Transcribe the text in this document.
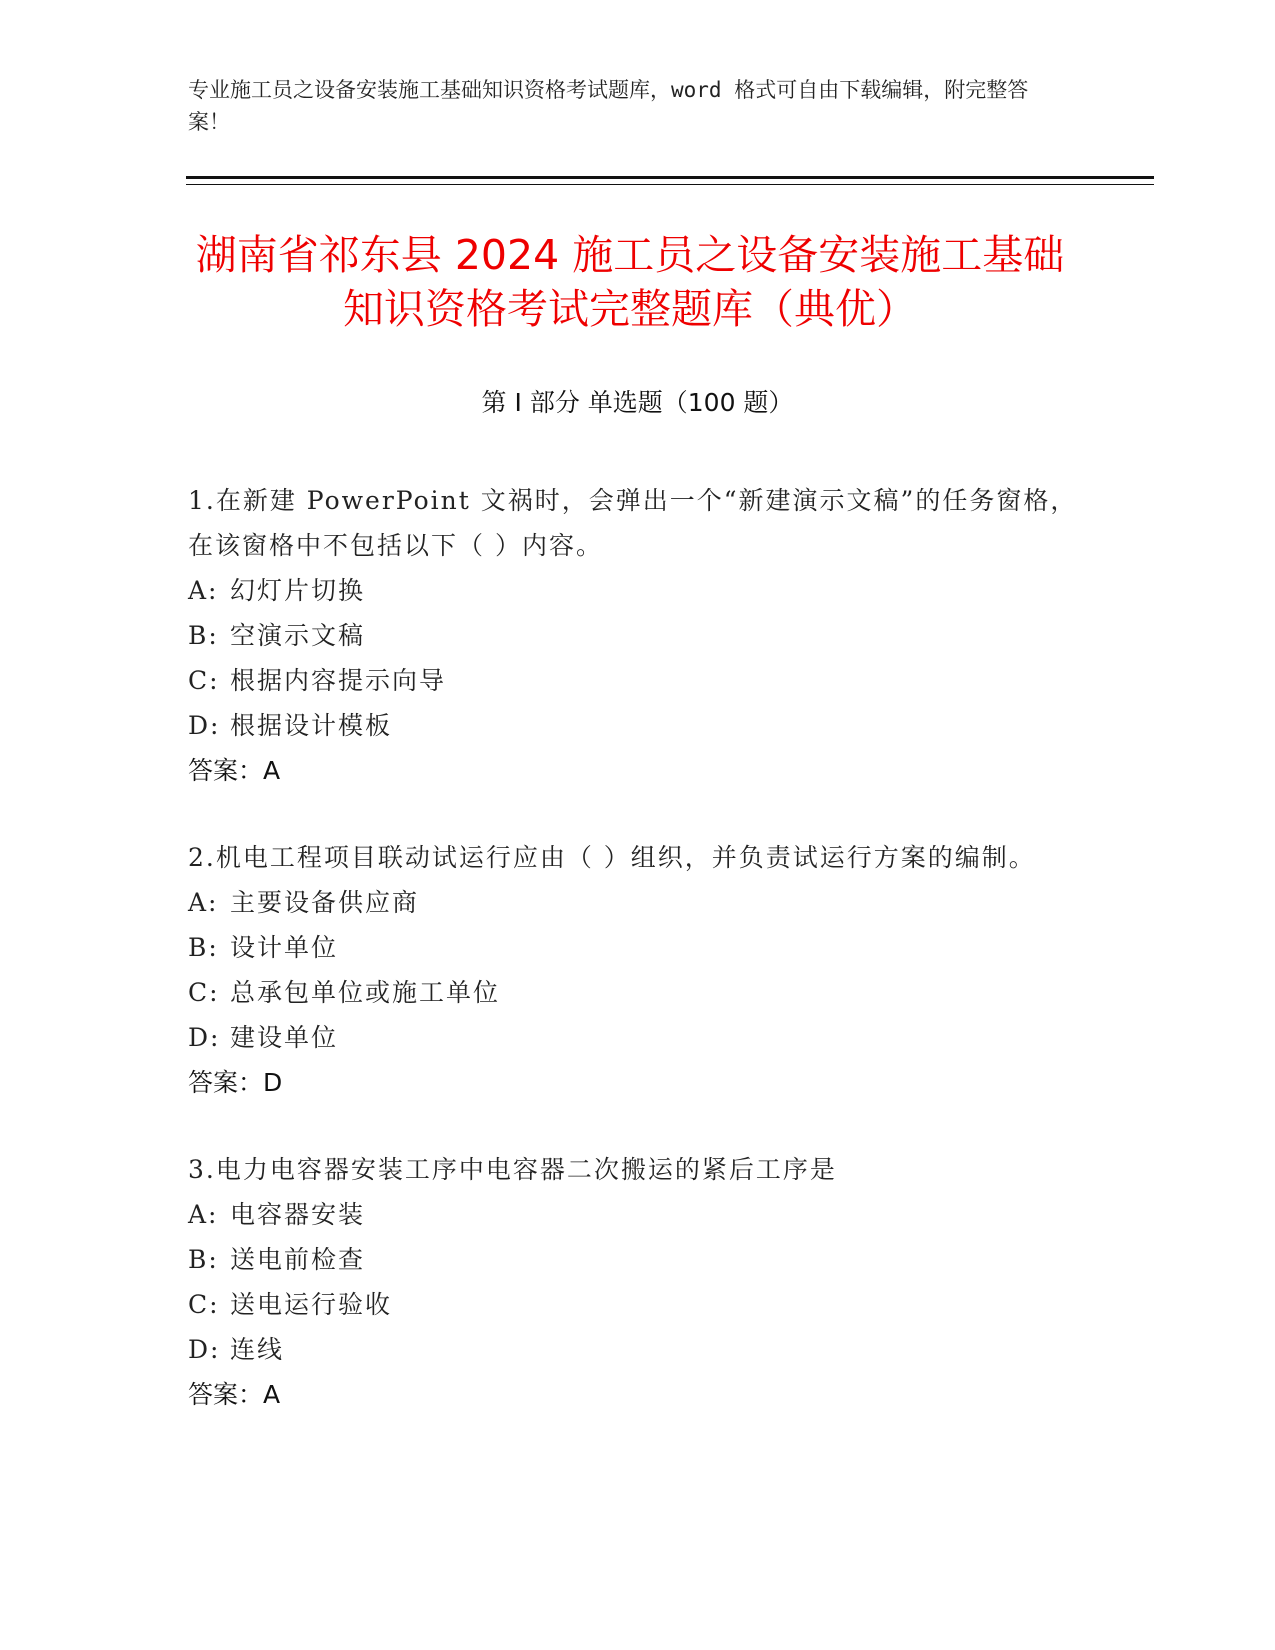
专业施工员之设备安装施工基础知识资格考试题库，word 格式可自由下载编辑，附完整答案！
湖南省祁东县 2024 施工员之设备安装施工基础知识资格考试完整题库（典优）
第 I 部分 单选题（100 题）
1.在新建 PowerPoint 文祸时，会弹出一个“新建演示文稿”的任务窗格，在该窗格中不包括以下（ ）内容。
A: 幻灯片切换
B: 空演示文稿
C: 根据内容提示向导
D: 根据设计模板
答案：A
2.机电工程项目联动试运行应由（ ）组织，并负责试运行方案的编制。
A: 主要设备供应商
B: 设计单位
C: 总承包单位或施工单位
D: 建设单位
答案：D
3.电力电容器安装工序中电容器二次搬运的紧后工序是
A: 电容器安装
B: 送电前检查
C: 送电运行验收
D: 连线
答案：A
